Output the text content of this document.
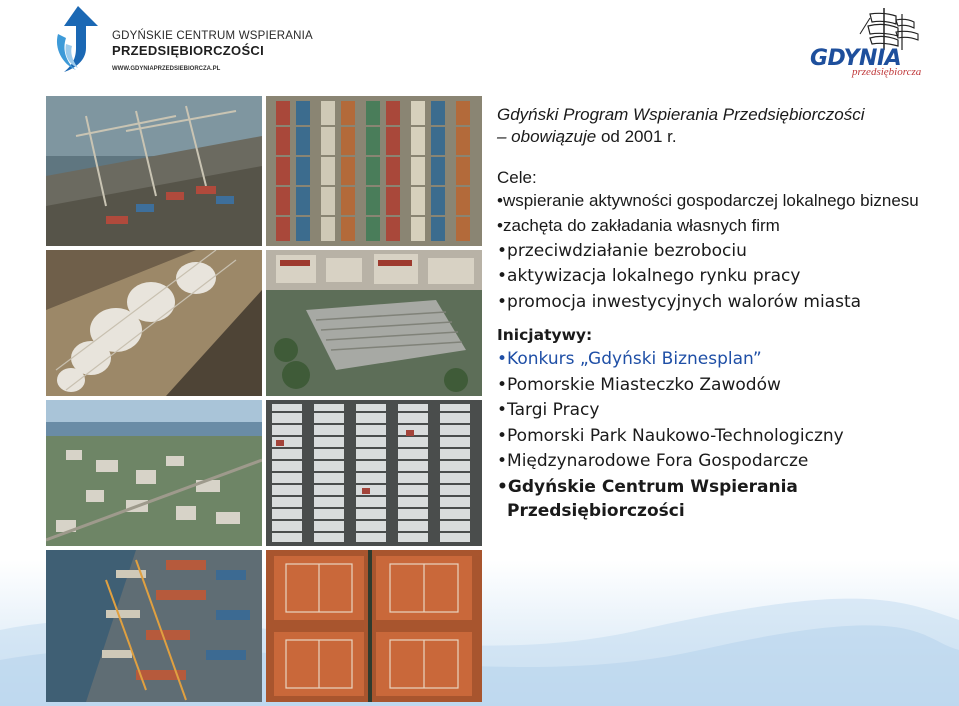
GDYŃSKIE CENTRUM WSPIERANIA
PRZEDSIĘBIORCZOŚCI
WWW.GDYNIAPRZEDSIEBIORCZA.PL	GDYNIA
przedsiębiorcza

Gdyński Program Wspierania Przedsiębiorczości
– obowiązuje od 2001 r.

Cele:
•wspieranie aktywności gospodarczej lokalnego biznesu
•zachęta do zakładania własnych firm
•przeciwdziałanie bezrobociu
•aktywizacja lokalnego rynku pracy
•promocja inwestycyjnych walorów miasta
Inicjatywy:
•Konkurs „Gdyński Biznesplan”
•Pomorskie Miasteczko Zawodów
•Targi Pracy
•Pomorski Park Naukowo-Technologiczny
•Międzynarodowe Fora Gospodarcze
•Gdyńskie Centrum Wspierania
Przedsiębiorczości
